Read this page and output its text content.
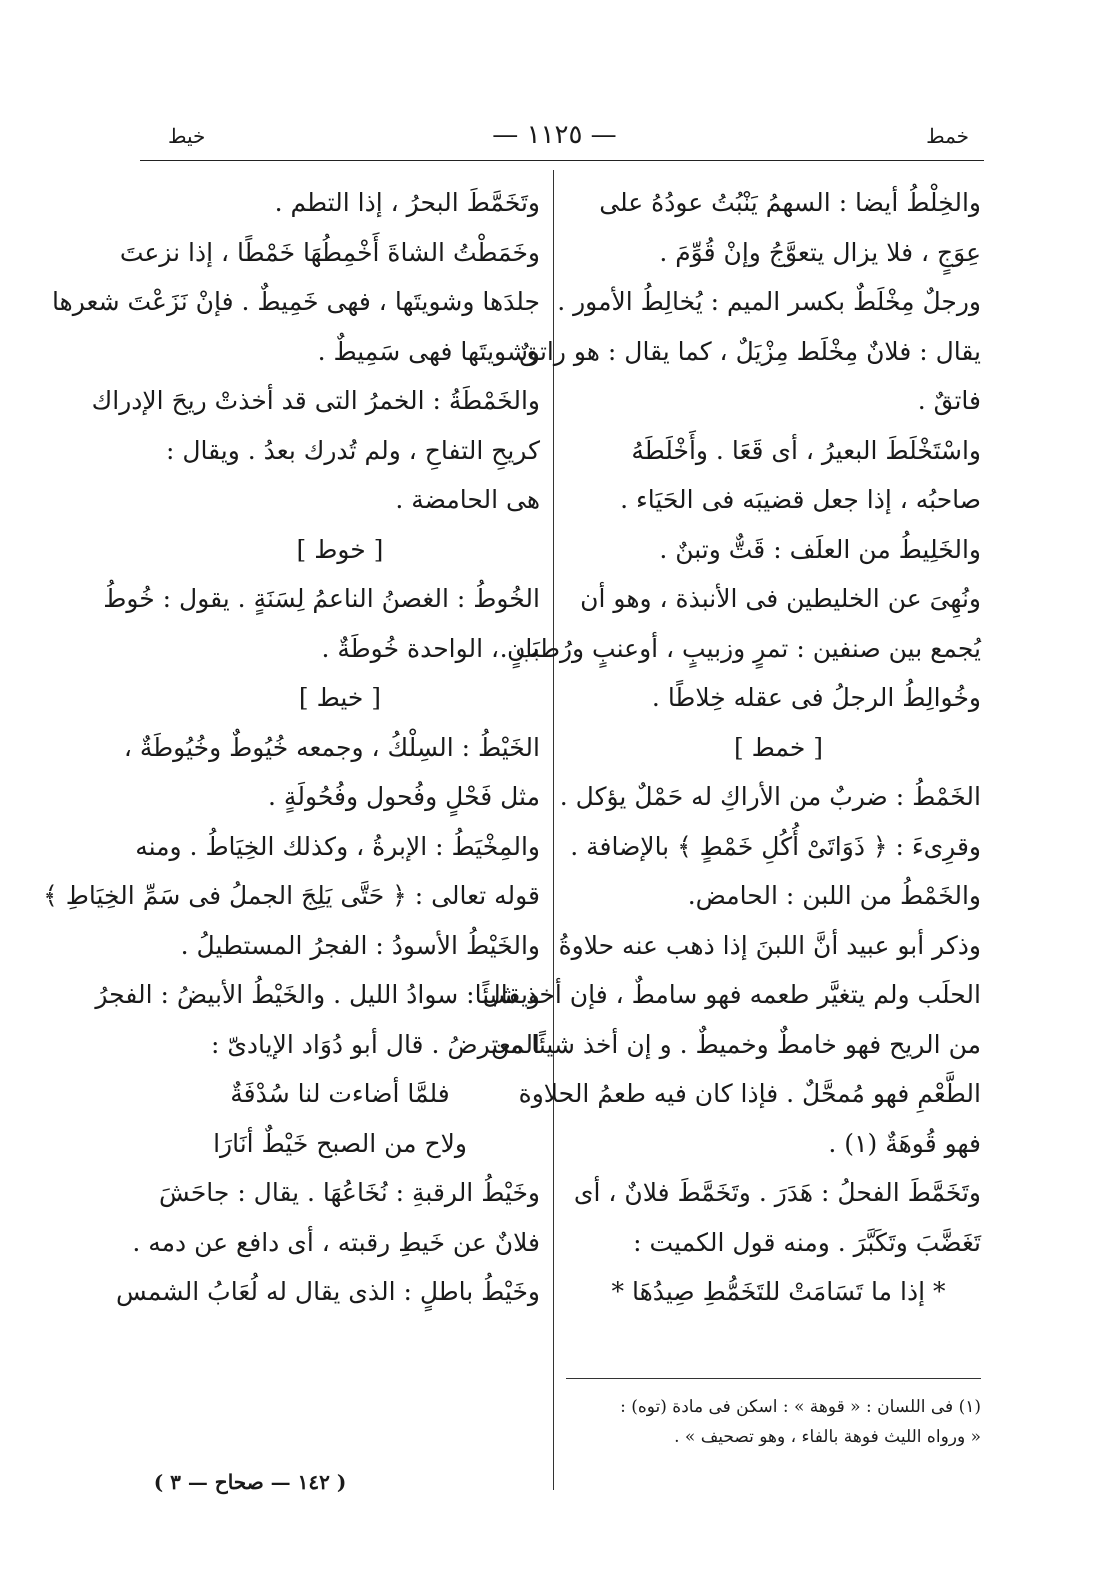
— ١١٢٥ —	خمط
خيط
والخِلْطُ أيضا : السهمُ يَنْبُتُ عودُهُ على
عِوَجٍ ، فلا يزال يتعوَّجُ وإنْ قُوِّمَ .
ورجلٌ مِخْلَطٌ بكسر الميم : يُخالِطُ الأمور .
يقال : فلانٌ مِخْلَط مِزْيَلٌ ، كما يقال : هو راتقٌ
فاتقٌ .
واسْتَخْلَطَ البعيرُ ، أى قَعَا . وأَخْلَطَهُ
صاحبُه ، إذا جعل قضيبَه فى الحَيَاء .
والخَلِيطُ من العلَف : قَتٌّ وتبنٌ .
ونُهِىَ عن الخليطين فى الأنبذة ، وهو أن
يُجمع بين صنفين : تمرٍ وزبيبٍ ، أوعنبٍ ورُطب .
وخُوالِطُ الرجلُ فى عقله خِلاطًا .
[ خمط ]
الخَمْطُ : ضربٌ من الأراكِ له حَمْلٌ يؤكل .
وقرِىءَ : ﴿ ذَوَاتَىْ أُكُلِ خَمْطٍ ﴾ بالإضافة .
والخَمْطُ من اللبن : الحامض.
وذكر أبو عبيد أنَّ اللبنَ إذا ذهب عنه حلاوةُ
الحلَب ولم يتغيَّر طعمه فهو سامطٌ ، فإن أخذ شيئًا
من الريح فهو خامطٌ وخميطٌ . و إن أخذ شيئًا من
الطَّعْمِ فهو مُمحَّلٌ . فإذا كان فيه طعمُ الحلاوة
فهو قُوهَةٌ (١) .
وتَخَمَّطَ الفحلُ : هَدَرَ . وتَخَمَّطَ فلانٌ ، أى
تَغَضَّبَ وتَكَبَّرَ . ومنه قول الكميت :
* إذا ما تَسَامَتْ للتَخَمُّطِ صِيدُهَا *
وتَخَمَّطَ البحرُ ، إذا التطم .
وخَمَطْتُ الشاةَ أَخْمِطُهَا خَمْطًا ، إذا نزعتَ
جلدَها وشويتَها ، فهى خَمِيطٌ . فإنْ نَزَعْتَ شعرها
وشويتَها فهى سَمِيطٌ .
والخَمْطَةُ : الخمرُ التى قد أخذتْ ريحَ الإدراك
كريحِ التفاحِ ، ولم تُدرك بعدُ . ويقال :
هى الحامضة .
[ خوط ]
الخُوطُ : الغصنُ الناعمُ لِسَنَةٍ . يقول : خُوطُ
بَانٍ ، الواحدة خُوطَةٌ .
[ خيط ]
الخَيْطُ : السِلْكُ ، وجمعه خُيُوطٌ وخُيُوطَةٌ ،
مثل فَحْلٍ وفُحول وفُحُولَةٍ .
والمِخْيَطُ : الإبرةُ ، وكذلك الخِيَاطُ . ومنه
قوله تعالى : ﴿ حَتَّى يَلِجَ الجملُ فى سَمِّ الخِيَاطِ ﴾
والخَيْطُ الأسودُ : الفجرُ المستطيلُ .
ويقال : سوادُ الليل . والخَيْطُ الأبيضُ : الفجرُ
المعترضُ . قال أبو دُوَاد الإيادىّ :
فلمَّا أضاءت لنا سُدْفَةٌ
ولاح من الصبح خَيْطٌ أنَارَا
وخَيْطُ الرقبةِ : نُخَاعُهَا . يقال : جاحَشَ
فلانٌ عن خَيطِ رقبته ، أى دافع عن دمه .
وخَيْطُ باطلٍ : الذى يقال له لُعَابُ الشمس
(١) فى اللسان : « قوهة » : اسكن فى مادة (توه) :
« ورواه الليث فوهة بالفاء ، وهو تصحيف » .
( ١٤٢ — صحاح — ٣ )
